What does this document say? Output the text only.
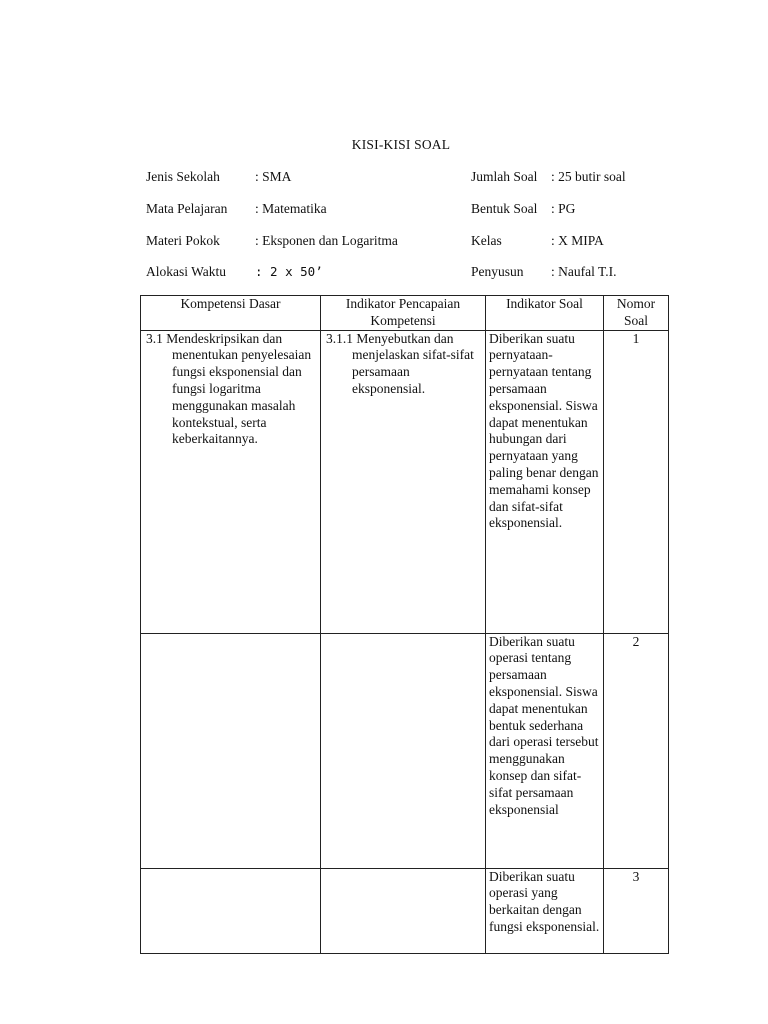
KISI-KISI SOAL
Jenis Sekolah	: SMA
Mata Pelajaran : Matematika
Materi Pokok	: Eksponen dan Logaritma
Alokasi Waktu : 2 x 50’
Jumlah Soal : 25 butir soal
Bentuk Soal : PG
Kelas	: X MIPA
Penyusun : Naufal T.I.
Kompetensi Dasar	Indikator Pencapaian Kompetensi	Indikator Soal	Nomor Soal

3.1 Mendeskripsikan dan menentukan penyelesaian fungsi eksponensial dan fungsi logaritma menggunakan masalah kontekstual, serta keberkaitannya.	3.1.1 Menyebutkan dan menjelaskan sifat-sifat persamaan eksponensial.	Diberikan suatu pernyataan-pernyataan tentang persamaan eksponensial. Siswa dapat menentukan hubungan dari pernyataan yang paling benar dengan memahami konsep dan sifat-sifat eksponensial.	1
		Diberikan suatu operasi tentang persamaan eksponensial. Siswa dapat menentukan bentuk sederhana dari operasi tersebut menggunakan konsep dan sifat-sifat persamaan eksponensial	2
		Diberikan suatu operasi yang berkaitan dengan fungsi eksponensial.	3
